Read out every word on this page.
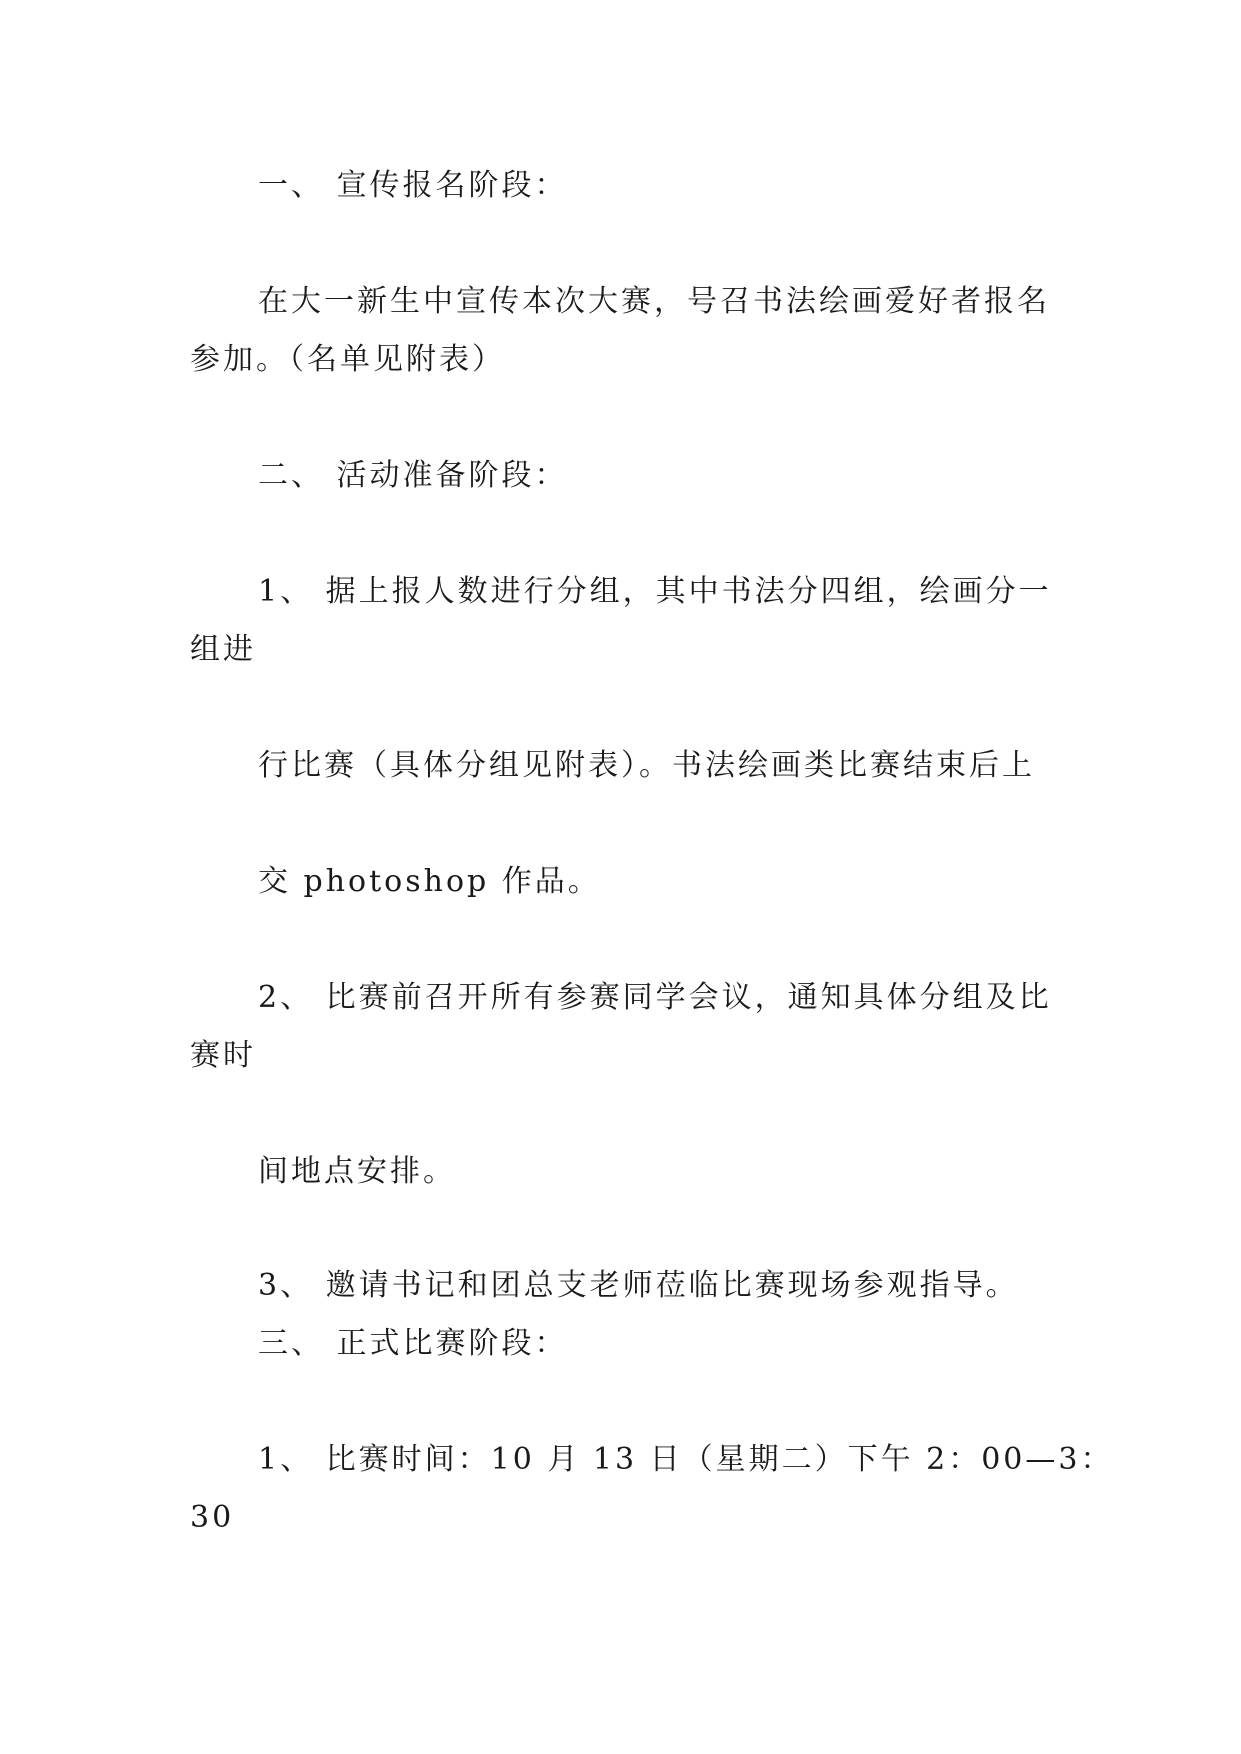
一、 宣传报名阶段：
在大一新生中宣传本次大赛，号召书法绘画爱好者报名
参加。（名单见附表）
二、 活动准备阶段：
1、 据上报人数进行分组，其中书法分四组，绘画分一
组进
行比赛（具体分组见附表）。书法绘画类比赛结束后上
交 photoshop 作品。
2、 比赛前召开所有参赛同学会议，通知具体分组及比
赛时
间地点安排。
3、 邀请书记和团总支老师莅临比赛现场参观指导。
三、 正式比赛阶段：
1、 比赛时间：10 月 13 日（星期二）下午 2：00—3：
30
